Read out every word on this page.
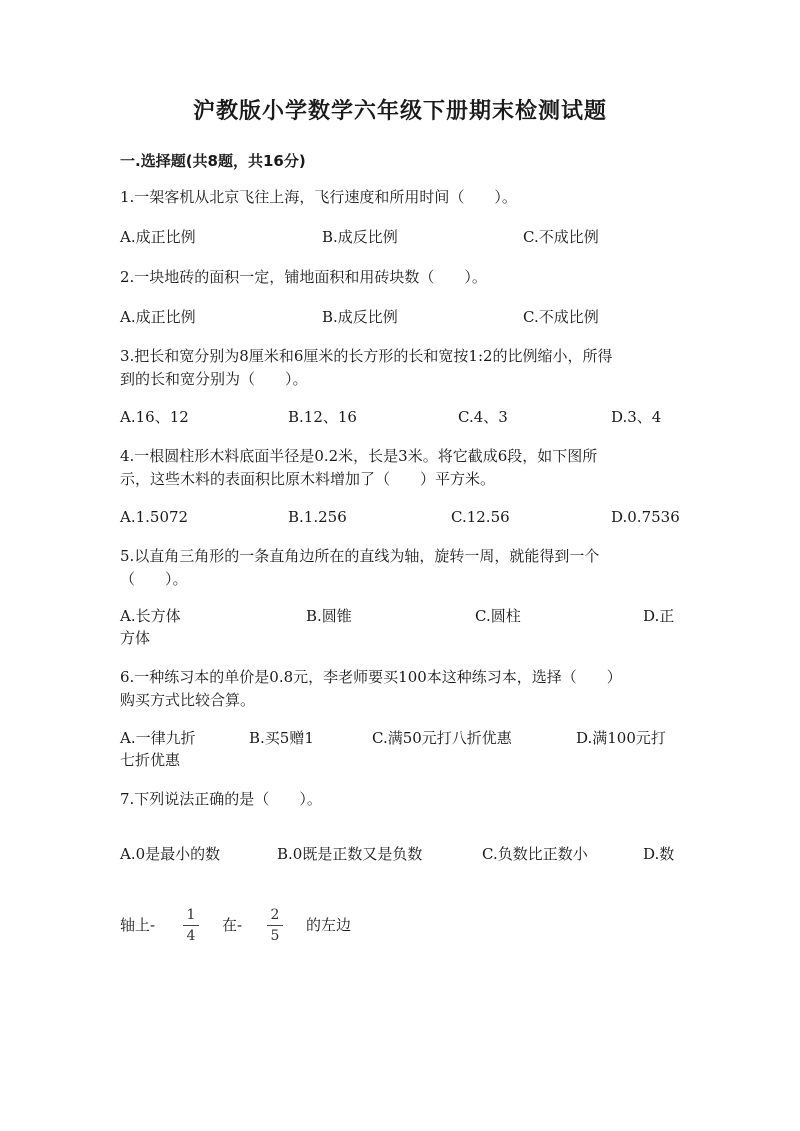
沪教版小学数学六年级下册期末检测试题
一.选择题(共8题，共16分)
1.一架客机从北京飞往上海，飞行速度和所用时间（　　）。
A.成正比例	B.成反比例	C.不成比例
2.一块地砖的面积一定，铺地面积和用砖块数（　　）。
A.成正比例	B.成反比例	C.不成比例
3.把长和宽分别为8厘米和6厘米的长方形的长和宽按1:2的比例缩小，所得
到的长和宽分别为（　　）。
A.16、12	B.12、16	C.4、3	D.3、4
4.一根圆柱形木料底面半径是0.2米，长是3米。将它截成6段，如下图所
示，这些木料的表面积比原木料增加了（　　）平方米。
A.1.5072	B.1.256	C.12.56	D.0.7536
5.以直角三角形的一条直角边所在的直线为轴，旋转一周，就能得到一个
（　　）。
A.长方体	B.圆锥	C.圆柱	D.正
方体
6.一种练习本的单价是0.8元，李老师要买100本这种练习本，选择（　　）
购买方式比较合算。
A.一律九折	B.买5赠1	C.满50元打八折优惠	D.满100元打
七折优惠
7.下列说法正确的是（　　）。
A.0是最小的数	B.0既是正数又是负数	C.负数比正数小	D.数
轴上-
1
4
在-
2
5
的左边
